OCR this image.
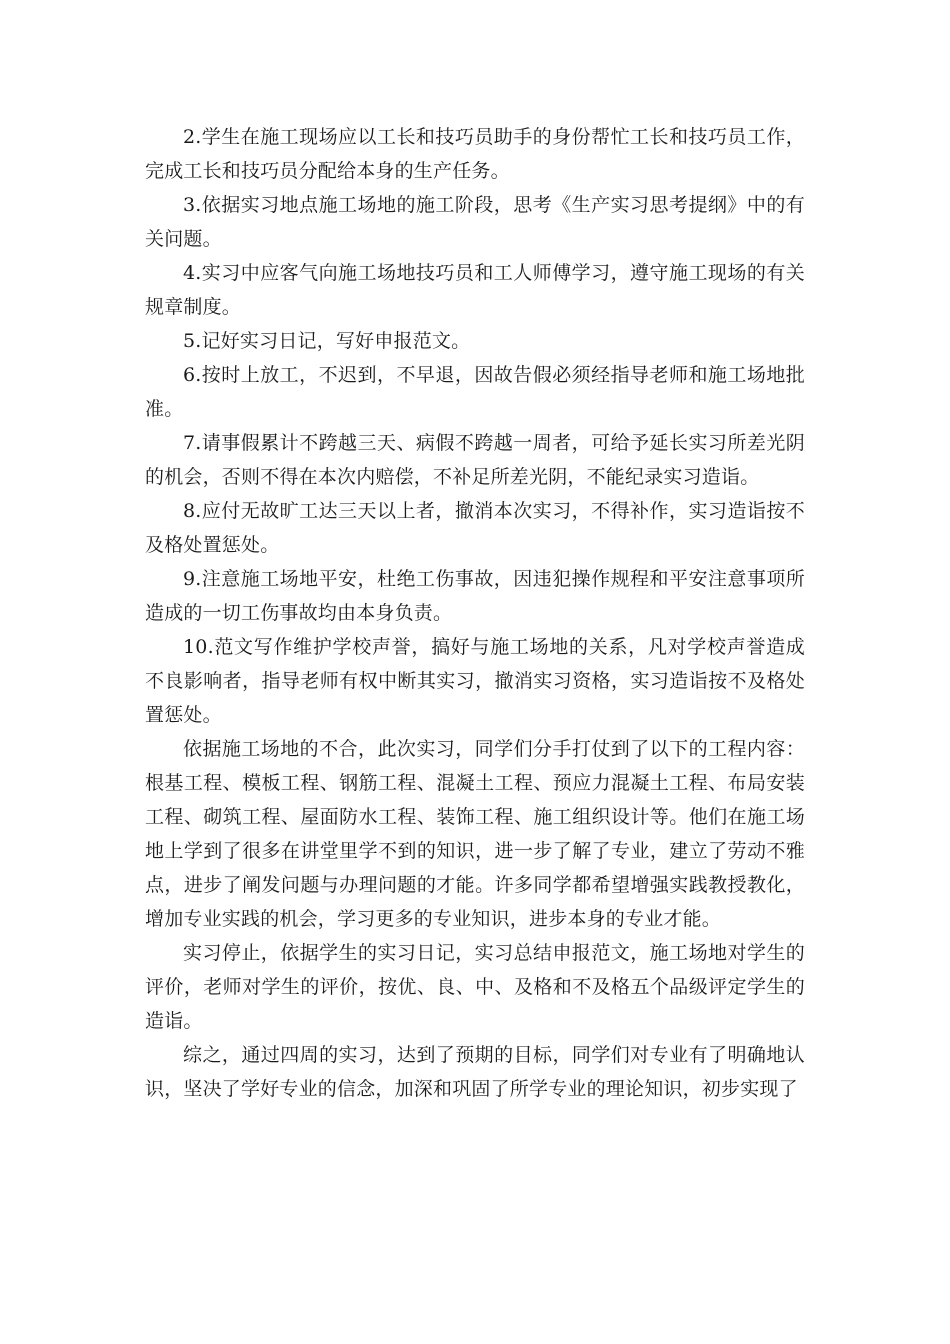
2.学生在施工现场应以工长和技巧员助手的身份帮忙工长和技巧员工作，完成工长和技巧员分配给本身的生产任务。

3.依据实习地点施工场地的施工阶段，思考《生产实习思考提纲》中的有关问题。

4.实习中应客气向施工场地技巧员和工人师傅学习，遵守施工现场的有关规章制度。

5.记好实习日记，写好申报范文。

6.按时上放工，不迟到，不早退，因故告假必须经指导老师和施工场地批准。

7.请事假累计不跨越三天、病假不跨越一周者，可给予延长实习所差光阴的机会，否则不得在本次内赔偿，不补足所差光阴，不能纪录实习造诣。

8.应付无故旷工达三天以上者，撤消本次实习，不得补作，实习造诣按不及格处置惩处。

9.注意施工场地平安，杜绝工伤事故，因违犯操作规程和平安注意事项所造成的一切工伤事故均由本身负责。

10.范文写作维护学校声誉，搞好与施工场地的关系，凡对学校声誉造成不良影响者，指导老师有权中断其实习，撤消实习资格，实习造诣按不及格处置惩处。

依据施工场地的不合，此次实习，同学们分手打仗到了以下的工程内容：根基工程、模板工程、钢筋工程、混凝土工程、预应力混凝土工程、布局安装工程、砌筑工程、屋面防水工程、装饰工程、施工组织设计等。他们在施工场地上学到了很多在讲堂里学不到的知识，进一步了解了专业，建立了劳动不雅点，进步了阐发问题与办理问题的才能。许多同学都希望增强实践教授教化，增加专业实践的机会，学习更多的专业知识，进步本身的专业才能。

实习停止，依据学生的实习日记，实习总结申报范文，施工场地对学生的评价，老师对学生的评价，按优、良、中、及格和不及格五个品级评定学生的造诣。

综之，通过四周的实习，达到了预期的目标，同学们对专业有了明确地认识，坚决了学好专业的信念，加深和巩固了所学专业的理论知识，初步实现了
